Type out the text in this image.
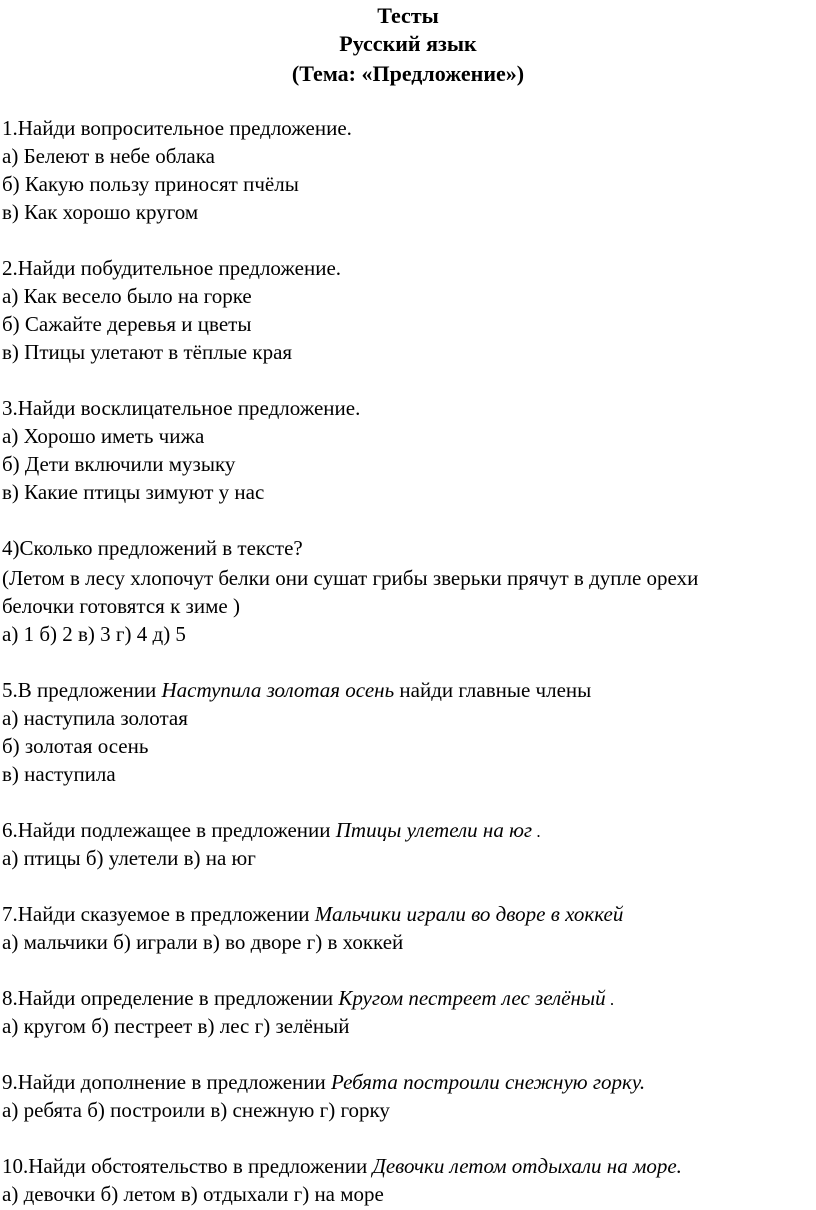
Тесты
Русский язык
(Тема: «Предложение»)
1.Найди вопросительное предложение.
а) Белеют в небе облака
б) Какую пользу приносят пчёлы
в) Как хорошо кругом
2.Найди побудительное предложение.
а) Как весело было на горке
б) Сажайте деревья и цветы
в) Птицы улетают в тёплые края
3.Найди восклицательное предложение.
а) Хорошо иметь чижа
б) Дети включили музыку
в) Какие птицы зимуют у нас
4)Сколько предложений в тексте?
(Летом в лесу хлопочут белки они сушат грибы зверьки прячут в дупле орехи
белочки готовятся к зиме )
а) 1 б) 2 в) 3 г) 4 д) 5
5.В предложении Наступила золотая осень найди главные члены
а) наступила золотая
б) золотая осень
в) наступила
6.Найди подлежащее в предложении Птицы улетели на юг .
а) птицы б) улетели в) на юг
7.Найди сказуемое в предложении Мальчики играли во дворе в хоккей
а) мальчики б) играли в) во дворе г) в хоккей
8.Найди определение в предложении Кругом пестреет лес зелёный .
а) кругом б) пестреет в) лес г) зелёный
9.Найди дополнение в предложении Ребята построили снежную горку.
а) ребята б) построили в) снежную г) горку
10.Найди обстоятельство в предложении Девочки летом отдыхали на море.
а) девочки б) летом в) отдыхали г) на море
